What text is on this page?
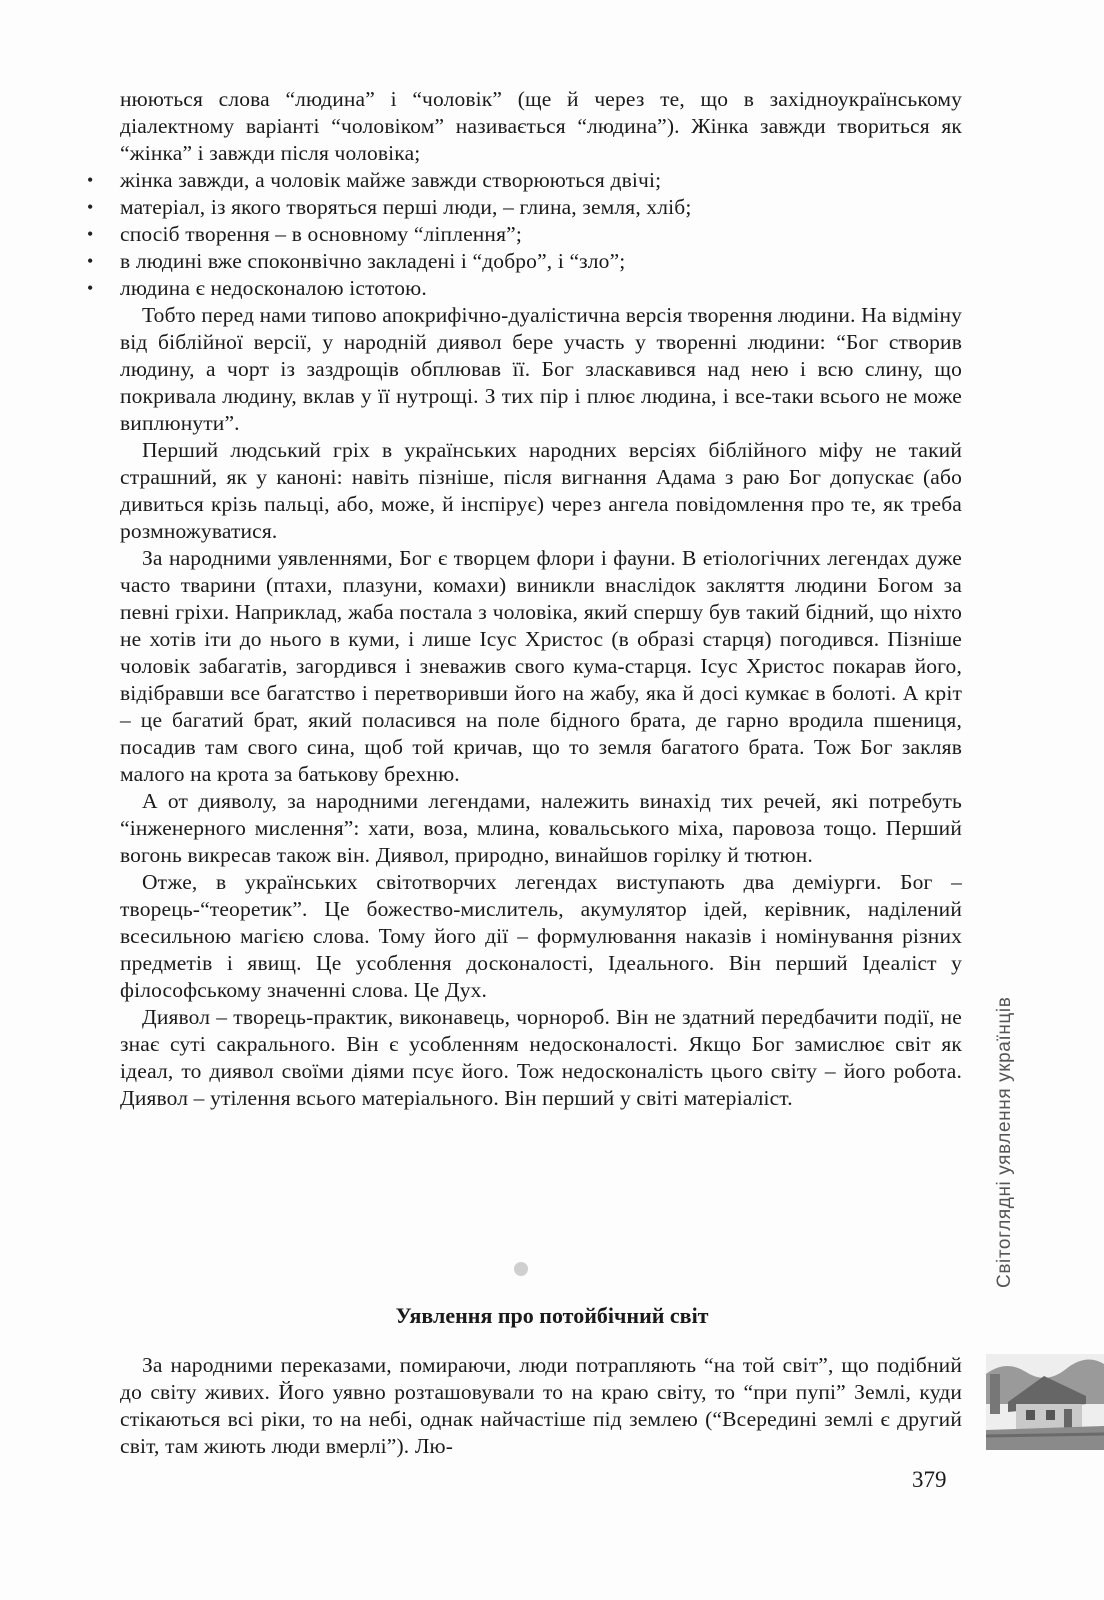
нюються слова “людина” і “чоловік” (ще й через те, що в західноукраїнському діалектному варіанті “чоловіком” називається “людина”). Жінка завжди твориться як “жінка” і завжди після чоловіка;

• жінка завжди, а чоловік майже завжди створюються двічі;
• матеріал, із якого творяться перші люди, – глина, земля, хліб;
• спосіб творення – в основному “ліплення”;
• в людині вже споконвічно закладені і “добро”, і “зло”;
• людина є недосконалою істотою.

Тобто перед нами типово апокрифічно-дуалістична версія творення людини. На відміну від біблійної версії, у народній диявол бере участь у творенні людини: “Бог створив людину, а чорт із заздрощів обплював її. Бог злаcкавився над нею і всю слину, що покривала людину, вклав у її нутрощі. З тих пір і плює людина, і все-таки всього не може виплюнути”.

Перший людський гріх в українських народних версіях біблійного міфу не такий страшний, як у каноні: навіть пізніше, після вигнання Адама з раю Бог допускає (або дивиться крізь пальці, або, може, й інспірує) через ангела повідомлення про те, як треба розмножуватися.

За народними уявленнями, Бог є творцем флори і фауни. В етіологічних легендах дуже часто тварини (птахи, плазуни, комахи) виникли внаслідок закляття людини Богом за певні гріхи. Наприклад, жаба постала з чоловіка, який спершу був такий бідний, що ніхто не хотів іти до нього в куми, і лише Ісус Христос (в образі старця) погодився. Пізніше чоловік забагатів, загордився і зневажив свого кума-старця. Ісус Христос покарав його, відібравши все багатство і перетворивши його на жабу, яка й досі кумкає в болоті. А кріт – це багатий брат, який поласився на поле бідного брата, де гарно вродила пшениця, посадив там свого сина, щоб той кричав, що то земля багатого брата. Тож Бог закляв малого на крота за батькову брехню.

А от дияволу, за народними легендами, належить винахід тих речей, які потребуть “інженерного мислення”: хати, воза, млина, ковальського міха, паровоза тощо. Перший вогонь викресав також він. Диявол, природно, винайшов горілку й тютюн.

Отже, в українських світотворчих легендах виступають два деміурги. Бог – творець-“теоретик”. Це божество-мислитель, акумулятор ідей, керівник, наділений всесильною магією слова. Тому його дії – формулювання наказів і номінування різних предметів і явищ. Це усоблення досконалості, Ідеального. Він перший Ідеаліст у філософському значенні слова. Це Дух.

Диявол – творець-практик, виконавець, чорнороб. Він не здатний передбачити події, не знає суті сакрального. Він є усобленням недосконалості. Якщо Бог замислює світ як ідеал, то диявол своїми діями псує його. Тож недосконалість цього світу – його робота. Диявол – утілення всього матеріального. Він перший у світі матеріаліст.

Уявлення про потойбічний світ

За народними переказами, помираючи, люди потрапляють “на той світ”, що подібний до світу живих. Його уявно розташовували то на краю світу, то “при пупі” Землі, куди стікаються всі ріки, то на небі, однак найчастіше під землею (“Всередині землі є другий світ, там жиють люди вмерлі”). Лю-

379
Світоглядні уявлення українців
